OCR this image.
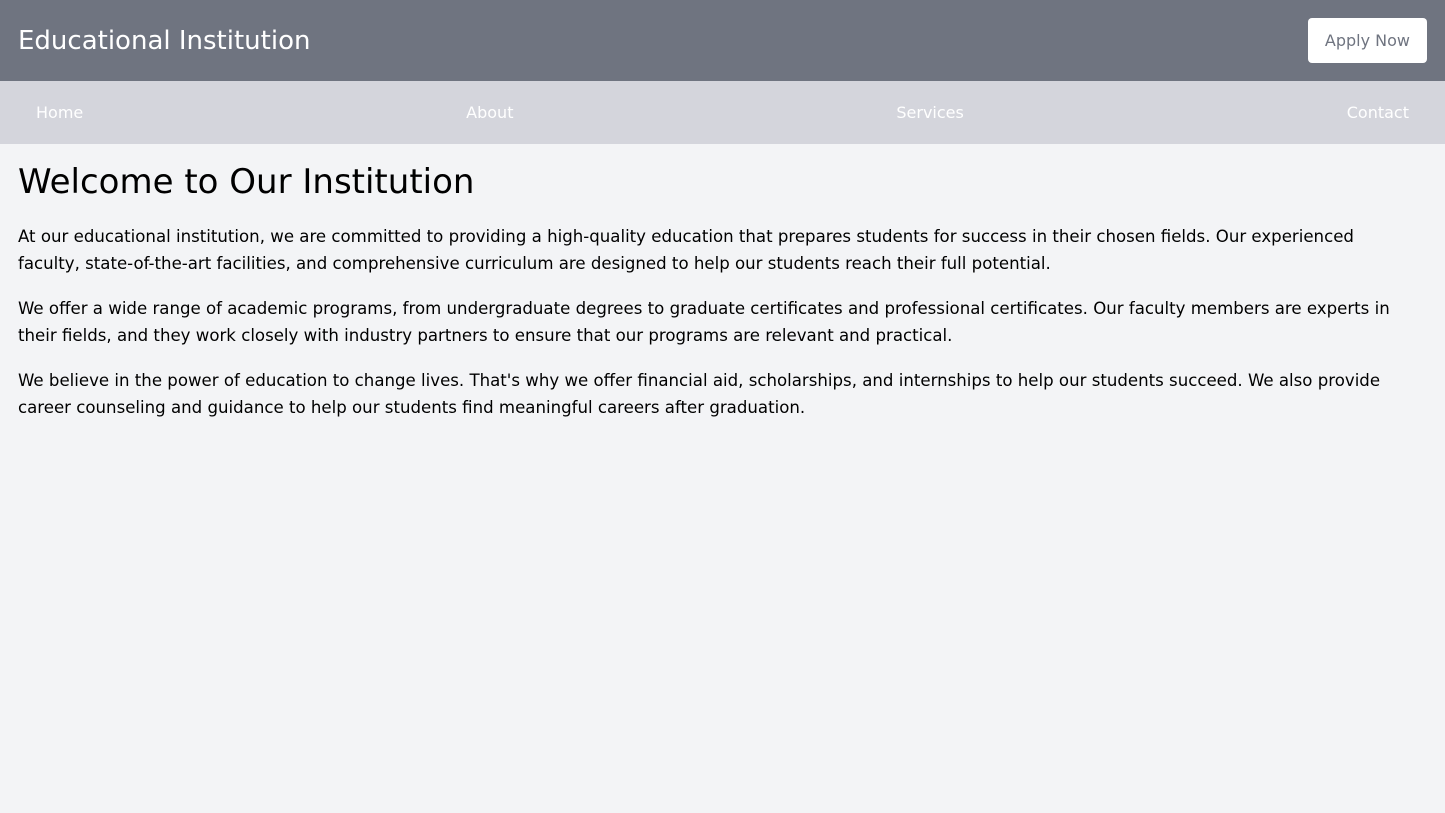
Educational Institution	Apply Now
Home	About	Services	Contact
Welcome to Our Institution

At our educational institution, we are committed to providing a high-quality education that prepares students for success in their chosen fields. Our experienced faculty, state-of-the-art facilities, and comprehensive curriculum are designed to help our students reach their full potential.

We offer a wide range of academic programs, from undergraduate degrees to graduate certificates and professional certificates. Our faculty members are experts in their fields, and they work closely with industry partners to ensure that our programs are relevant and practical.

We believe in the power of education to change lives. That's why we offer financial aid, scholarships, and internships to help our students succeed. We also provide career counseling and guidance to help our students find meaningful careers after graduation.
